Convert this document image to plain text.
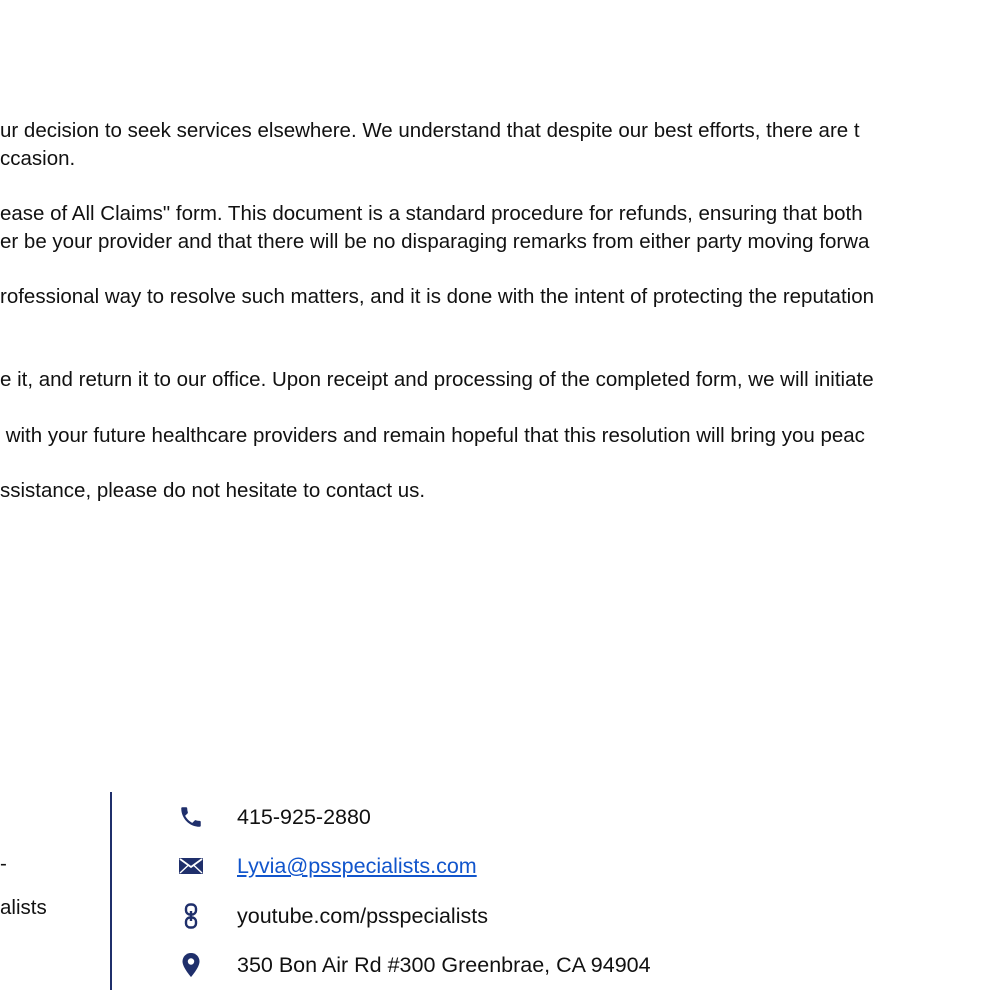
ur decision to seek services elsewhere. We understand that despite our best efforts, there are t
ccasion.

ease of All Claims" form. This document is a standard procedure for refunds, ensuring that both
er be your provider and that there will be no disparaging remarks from either party moving forwa

rofessional way to resolve such matters, and it is done with the intent of protecting the reputation

e it, and return it to our office. Upon receipt and processing of the completed form, we will initiate

with your future healthcare providers and remain hopeful that this resolution will bring you peac

ssistance, please do not hesitate to contact us.

-
alists
415-925-2880
Lyvia@psspecialists.com
youtube.com/psspecialists
350 Bon Air Rd #300 Greenbrae, CA 94904
